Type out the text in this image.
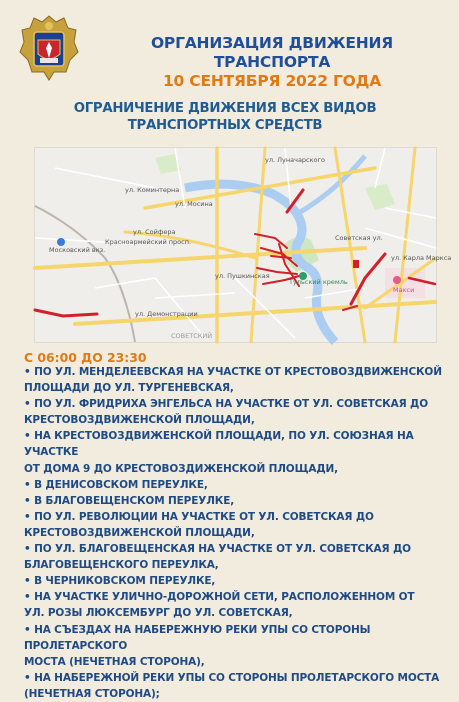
ОРГАНИЗАЦИЯ ДВИЖЕНИЯ ТРАНСПОРТА
10 СЕНТЯБРЯ 2022 ГОДА
ОГРАНИЧЕНИЕ ДВИЖЕНИЯ ВСЕХ ВИДОВ
ТРАНСПОРТНЫХ СРЕДСТВ
ул. Луначарского
ул. Мосина
Советская ул.
ул. Коминтерна
Московский вкз.
Красноармейский просп.
ул. Сойфера
Тульский кремль
ул. Демонстрации
ул. Карла Маркса
Макси
СОВЕТСКИЙ
ул. Пушкинская
С 06:00 ДО 23:30
• ПО УЛ. МЕНДЕЛЕЕВСКАЯ НА УЧАСТКЕ ОТ КРЕСТОВОЗДВИЖЕНСКОЙ
ПЛОЩАДИ ДО УЛ. ТУРГЕНЕВСКАЯ,
• ПО УЛ. ФРИДРИХА ЭНГЕЛЬСА НА УЧАСТКЕ ОТ УЛ. СОВЕТСКАЯ ДО
КРЕСТОВОЗДВИЖЕНСКОЙ ПЛОЩАДИ,
• НА КРЕСТОВОЗДВИЖЕНСКОЙ ПЛОЩАДИ, ПО УЛ. СОЮЗНАЯ НА УЧАСТКЕ
ОТ ДОМА 9 ДО КРЕСТОВОЗДИЖЕНСКОЙ ПЛОЩАДИ,
• В ДЕНИСОВСКОМ ПЕРЕУЛКЕ,
• В БЛАГОВЕЩЕНСКОМ ПЕРЕУЛКЕ,
• ПО УЛ. РЕВОЛЮЦИИ НА УЧАСТКЕ ОТ УЛ. СОВЕТСКАЯ ДО
КРЕСТОВОЗДВИЖЕНСКОЙ ПЛОЩАДИ,
• ПО УЛ. БЛАГОВЕЩЕНСКАЯ НА УЧАСТКЕ ОТ УЛ. СОВЕТСКАЯ ДО
БЛАГОВЕЩЕНСКОГО ПЕРЕУЛКА,
• В ЧЕРНИКОВСКОМ ПЕРЕУЛКЕ,
• НА УЧАСТКЕ УЛИЧНО-ДОРОЖНОЙ СЕТИ, РАСПОЛОЖЕННОМ ОТ
УЛ. РОЗЫ ЛЮКСЕМБУРГ ДО УЛ. СОВЕТСКАЯ,
• НА СЪЕЗДАХ НА НАБЕРЕЖНУЮ РЕКИ УПЫ СО СТОРОНЫ ПРОЛЕТАРСКОГО
МОСТА (НЕЧЕТНАЯ СТОРОНА),
• НА НАБЕРЕЖНОЙ РЕКИ УПЫ СО СТОРОНЫ ПРОЛЕТАРСКОГО МОСТА
(НЕЧЕТНАЯ СТОРОНА);
